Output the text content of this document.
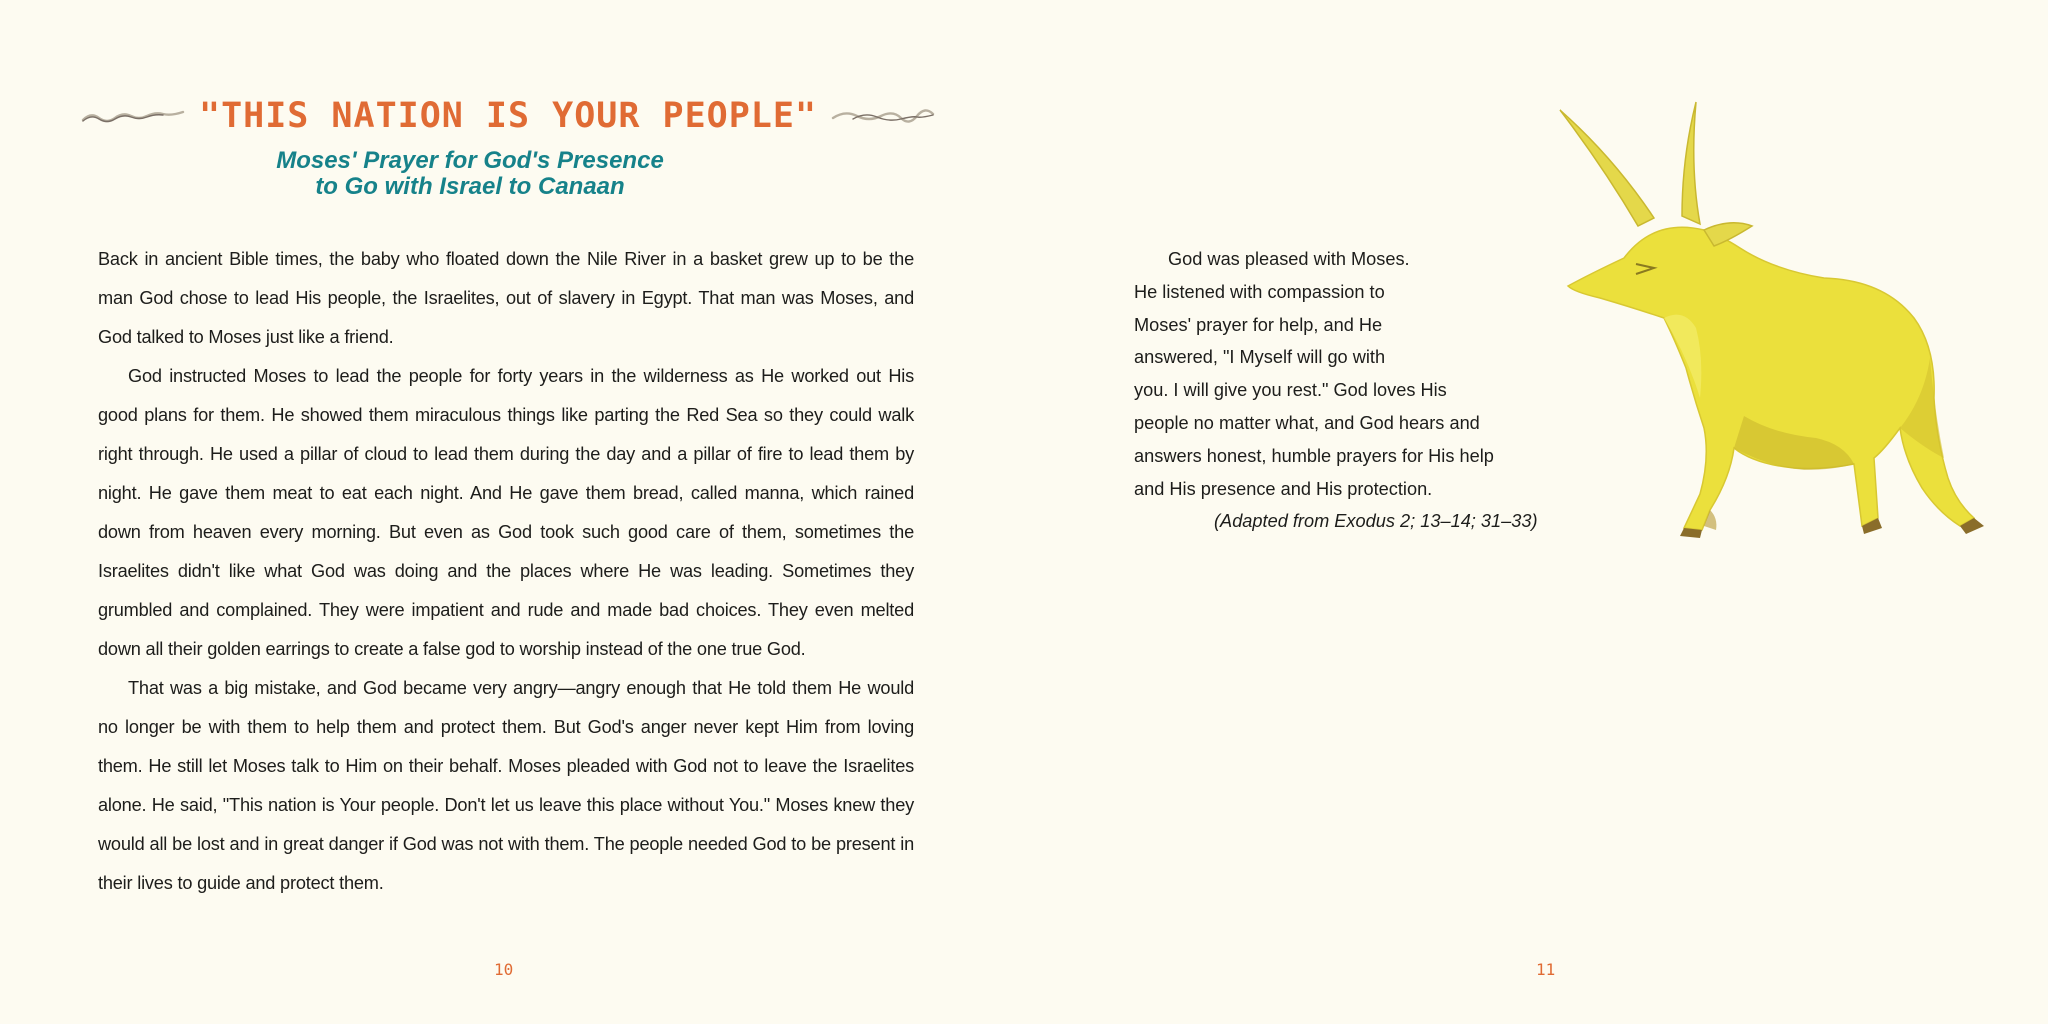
"THIS NATION IS YOUR PEOPLE"
Moses' Prayer for God's Presence
to Go with Israel to Canaan

Back in ancient Bible times, the baby who floated down the Nile River in a basket grew up to be the man God chose to lead His people, the Israelites, out of slavery in Egypt. That man was Moses, and God talked to Moses just like a friend.

God instructed Moses to lead the people for forty years in the wilderness as He worked out His good plans for them. He showed them miraculous things like parting the Red Sea so they could walk right through. He used a pillar of cloud to lead them during the day and a pillar of fire to lead them by night. He gave them meat to eat each night. And He gave them bread, called manna, which rained down from heaven every morning. But even as God took such good care of them, sometimes the Israelites didn't like what God was doing and the places where He was leading. Sometimes they grumbled and complained. They were impatient and rude and made bad choices. They even melted down all their golden earrings to create a false god to worship instead of the one true God.

That was a big mistake, and God became very angry—angry enough that He told them He would no longer be with them to help them and protect them. But God's anger never kept Him from loving them. He still let Moses talk to Him on their behalf. Moses pleaded with God not to leave the Israelites alone. He said, "This nation is Your people. Don't let us leave this place without You." Moses knew they would all be lost and in great danger if God was not with them. The people needed God to be present in their lives to guide and protect them.

10

God was pleased with Moses.

He listened with compassion to

Moses' prayer for help, and He

answered, "I Myself will go with

you. I will give you rest." God loves His

people no matter what, and God hears and

answers honest, humble prayers for His help

and His presence and His protection.

(Adapted from Exodus 2; 13–14; 31–33)

11
